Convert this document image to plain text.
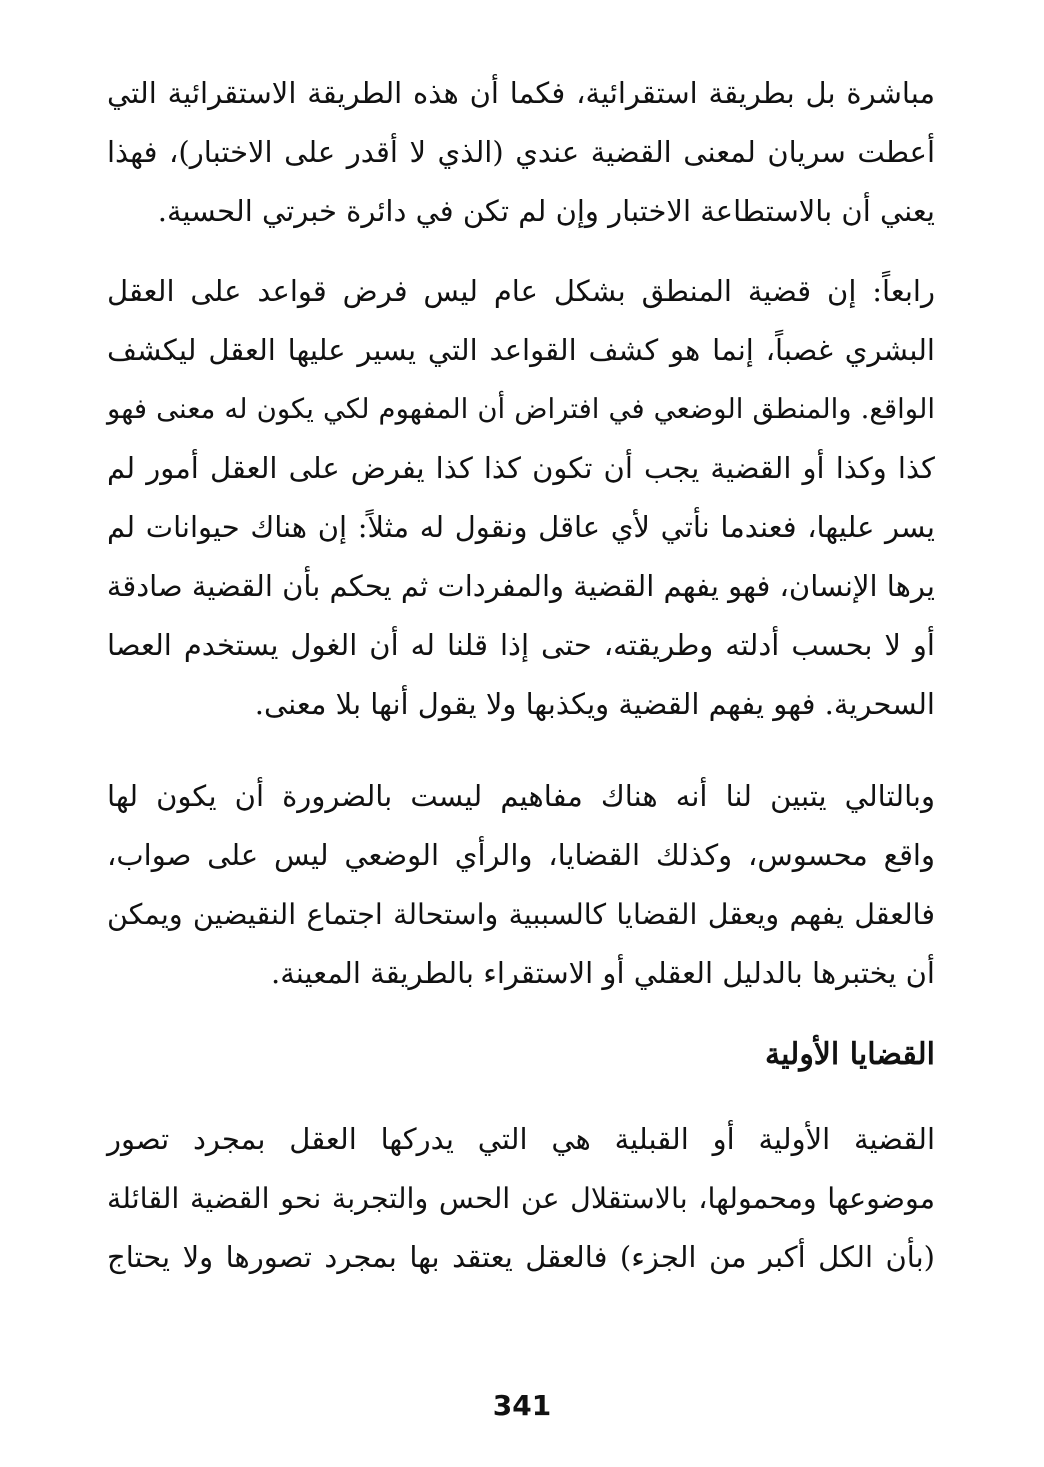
مباشرة بل بطريقة استقرائية، فكما أن هذه الطريقة الاستقرائية التي
أعطت سريان لمعنى القضية عندي (الذي لا أقدر على الاختبار)، فهذا
يعني أن بالاستطاعة الاختبار وإن لم تكن في دائرة خبرتي الحسية.
رابعاً: إن قضية المنطق بشكل عام ليس فرض قواعد على العقل
البشري غصباً، إنما هو كشف القواعد التي يسير عليها العقل ليكشف
الواقع. والمنطق الوضعي في افتراض أن المفهوم لكي يكون له معنى فهو
كذا وكذا أو القضية يجب أن تكون كذا كذا يفرض على العقل أمور لم
يسر عليها، فعندما نأتي لأي عاقل ونقول له مثلاً: إن هناك حيوانات لم
يرها الإنسان، فهو يفهم القضية والمفردات ثم يحكم بأن القضية صادقة
أو لا بحسب أدلته وطريقته، حتى إذا قلنا له أن الغول يستخدم العصا
السحرية. فهو يفهم القضية ويكذبها ولا يقول أنها بلا معنى.
وبالتالي يتبين لنا أنه هناك مفاهيم ليست بالضرورة أن يكون لها
واقع محسوس، وكذلك القضايا، والرأي الوضعي ليس على صواب،
فالعقل يفهم ويعقل القضايا كالسببية واستحالة اجتماع النقيضين ويمكن
أن يختبرها بالدليل العقلي أو الاستقراء بالطريقة المعينة.
القضايا الأولية
القضية الأولية أو القبلية هي التي يدركها العقل بمجرد تصور
موضوعها ومحمولها، بالاستقلال عن الحس والتجربة نحو القضية القائلة
(بأن الكل أكبر من الجزء) فالعقل يعتقد بها بمجرد تصورها ولا يحتاج
341
